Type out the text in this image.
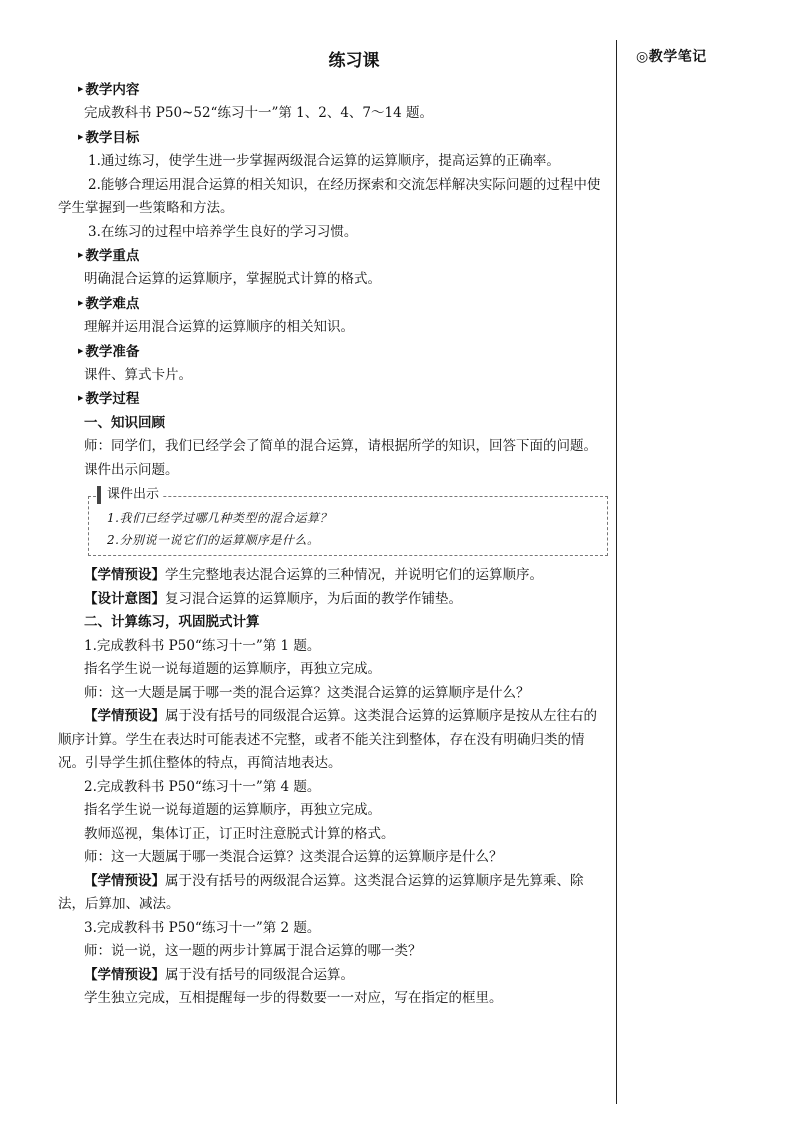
◎教学笔记
练习课
▶ 教学内容
完成教科书 P50~52“练习十一”第 1、2、4、7～14 题。
▶ 教学目标
1.通过练习，使学生进一步掌握两级混合运算的运算顺序，提高运算的正确率。
2.能够合理运用混合运算的相关知识，在经历探索和交流怎样解决实际问题的过程中使学生掌握到一些策略和方法。
3.在练习的过程中培养学生良好的学习习惯。
▶ 教学重点
明确混合运算的运算顺序，掌握脱式计算的格式。
▶ 教学难点
理解并运用混合运算的运算顺序的相关知识。
▶ 教学准备
课件、算式卡片。
▶ 教学过程
一、知识回顾
师：同学们，我们已经学会了简单的混合运算，请根据所学的知识，回答下面的问题。
课件出示问题。
课件出示
1.我们已经学过哪几种类型的混合运算？
2.分别说一说它们的运算顺序是什么。
【学情预设】学生完整地表达混合运算的三种情况，并说明它们的运算顺序。
【设计意图】复习混合运算的运算顺序，为后面的教学作铺垫。
二、计算练习，巩固脱式计算
1.完成教科书 P50“练习十一”第 1 题。
指名学生说一说每道题的运算顺序，再独立完成。
师：这一大题是属于哪一类的混合运算？这类混合运算的运算顺序是什么？
【学情预设】属于没有括号的同级混合运算。这类混合运算的运算顺序是按从左往右的顺序计算。学生在表达时可能表述不完整，或者不能关注到整体，存在没有明确归类的情况。引导学生抓住整体的特点，再简洁地表达。
2.完成教科书 P50“练习十一”第 4 题。
指名学生说一说每道题的运算顺序，再独立完成。
教师巡视，集体订正，订正时注意脱式计算的格式。
师：这一大题属于哪一类混合运算？这类混合运算的运算顺序是什么？
【学情预设】属于没有括号的两级混合运算。这类混合运算的运算顺序是先算乘、除法，后算加、减法。
3.完成教科书 P50“练习十一”第 2 题。
师：说一说，这一题的两步计算属于混合运算的哪一类？
【学情预设】属于没有括号的同级混合运算。
学生独立完成，互相提醒每一步的得数要一一对应，写在指定的框里。
